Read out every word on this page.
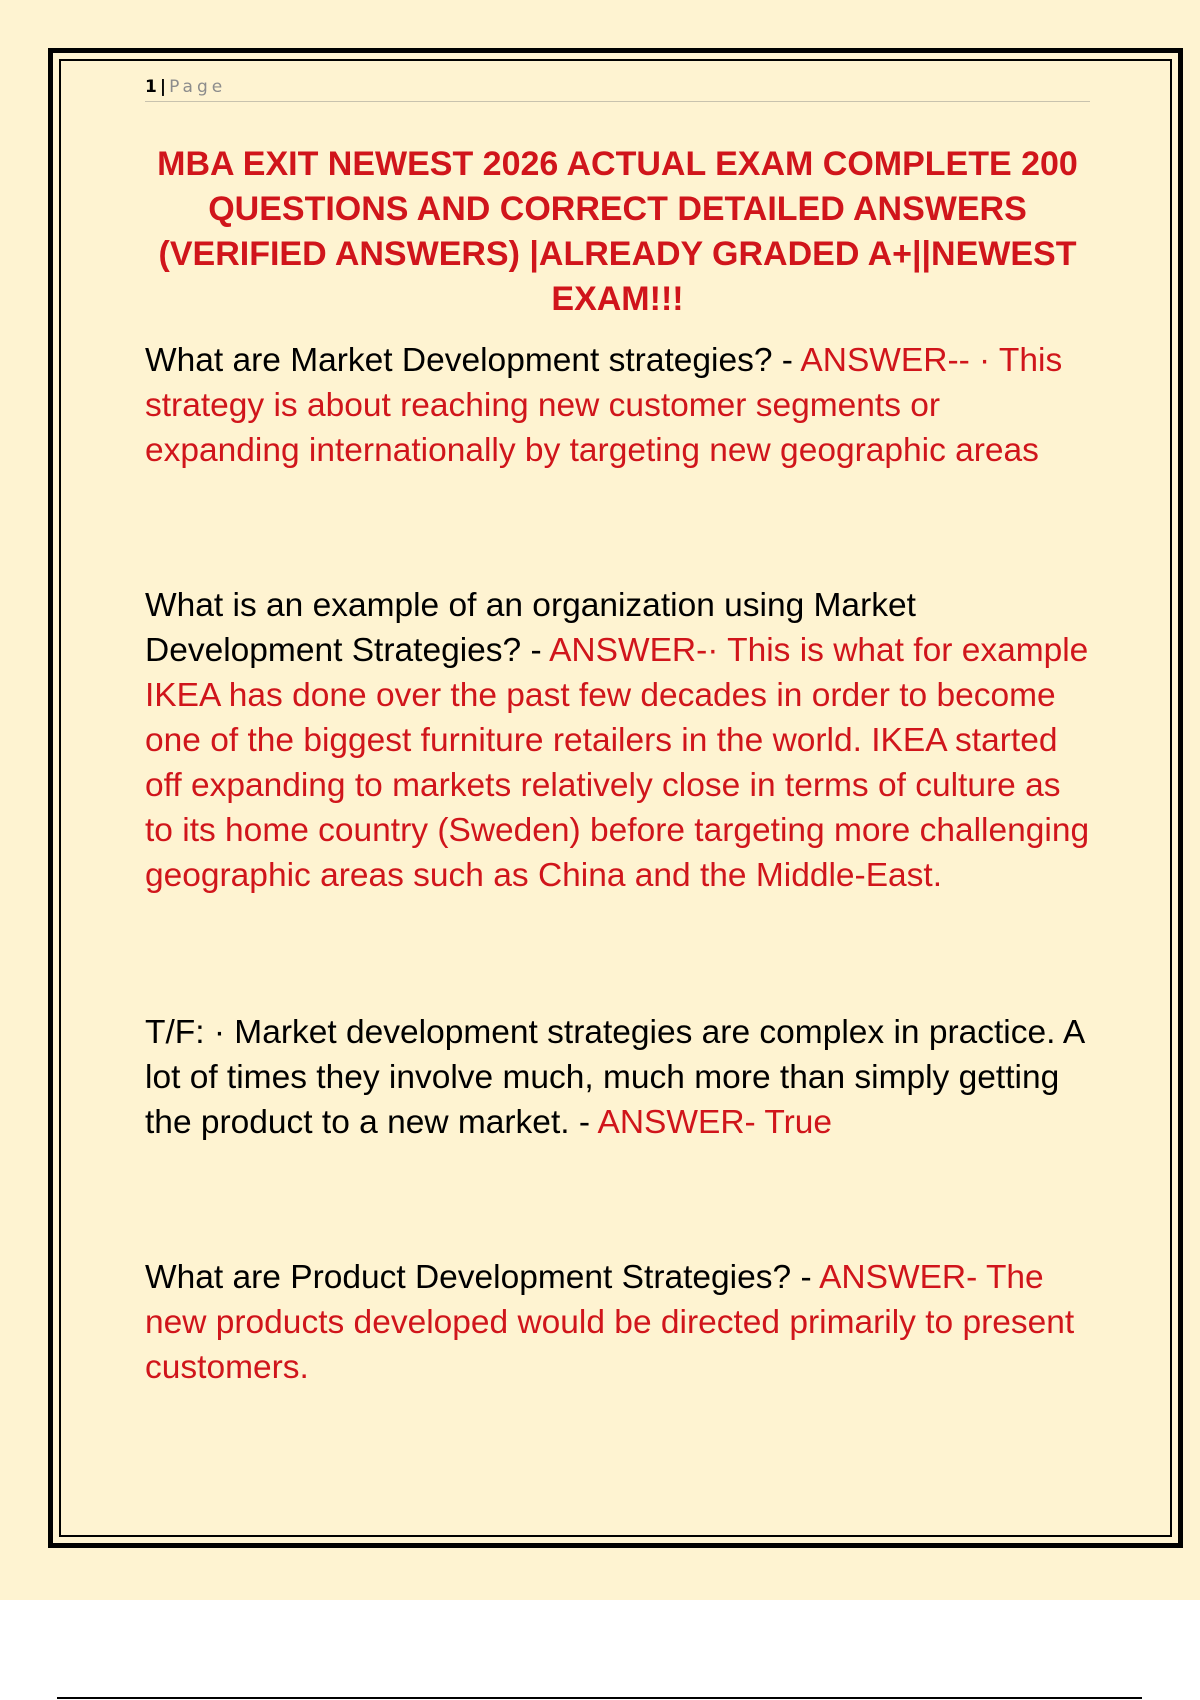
1 | Page
MBA EXIT NEWEST 2026 ACTUAL EXAM COMPLETE 200 QUESTIONS AND CORRECT DETAILED ANSWERS (VERIFIED ANSWERS) |ALREADY GRADED A+||NEWEST EXAM!!!

What are Market Development strategies? - ANSWER-- · This strategy is about reaching new customer segments or expanding internationally by targeting new geographic areas

What is an example of an organization using Market Development Strategies? - ANSWER-· This is what for example IKEA has done over the past few decades in order to become one of the biggest furniture retailers in the world. IKEA started off expanding to markets relatively close in terms of culture as to its home country (Sweden) before targeting more challenging geographic areas such as China and the Middle-East.

T/F: · Market development strategies are complex in practice. A lot of times they involve much, much more than simply getting the product to a new market. - ANSWER- True

What are Product Development Strategies? - ANSWER- The new products developed would be directed primarily to present customers.
